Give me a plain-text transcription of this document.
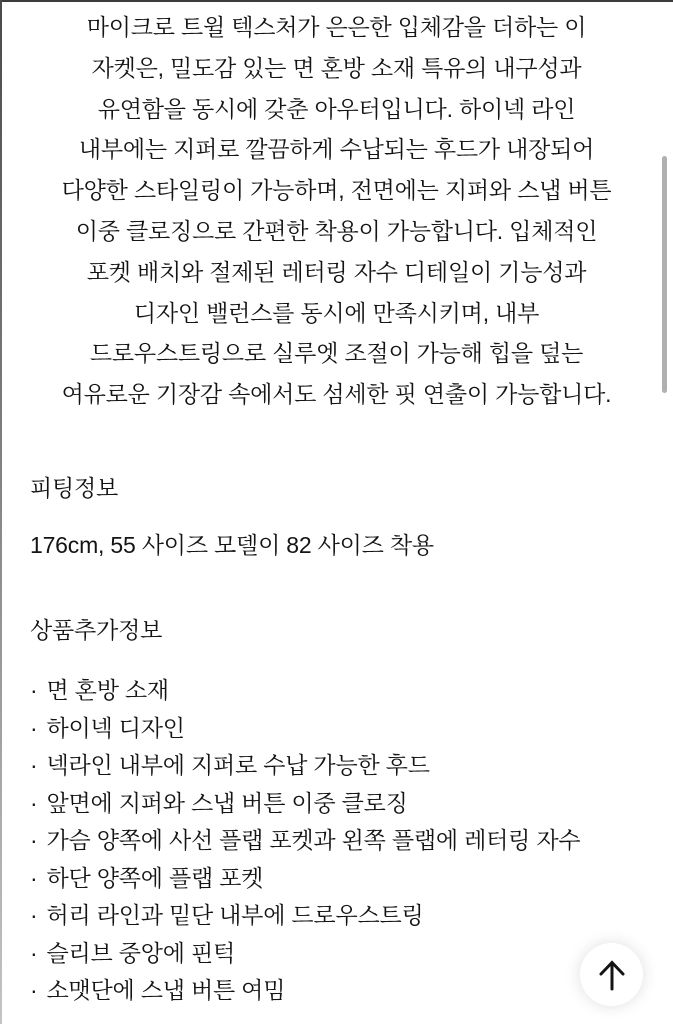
마이크로 트윌 텍스처가 은은한 입체감을 더하는 이
자켓은, 밀도감 있는 면 혼방 소재 특유의 내구성과
유연함을 동시에 갖춘 아우터입니다. 하이넥 라인
내부에는 지퍼로 깔끔하게 수납되는 후드가 내장되어
다양한 스타일링이 가능하며, 전면에는 지퍼와 스냅 버튼
이중 클로징으로 간편한 착용이 가능합니다. 입체적인
포켓 배치와 절제된 레터링 자수 디테일이 기능성과
디자인 밸런스를 동시에 만족시키며, 내부
드로우스트링으로 실루엣 조절이 가능해 힙을 덮는
여유로운 기장감 속에서도 섬세한 핏 연출이 가능합니다.
피팅정보
176cm, 55 사이즈 모델이 82 사이즈 착용
상품추가정보
· 면 혼방 소재
· 하이넥 디자인
· 넥라인 내부에 지퍼로 수납 가능한 후드
· 앞면에 지퍼와 스냅 버튼 이중 클로징
· 가슴 양쪽에 사선 플랩 포켓과 왼쪽 플랩에 레터링 자수
· 하단 양쪽에 플랩 포켓
· 허리 라인과 밑단 내부에 드로우스트링
· 슬리브 중앙에 핀턱
· 소맷단에 스냅 버튼 여밈
